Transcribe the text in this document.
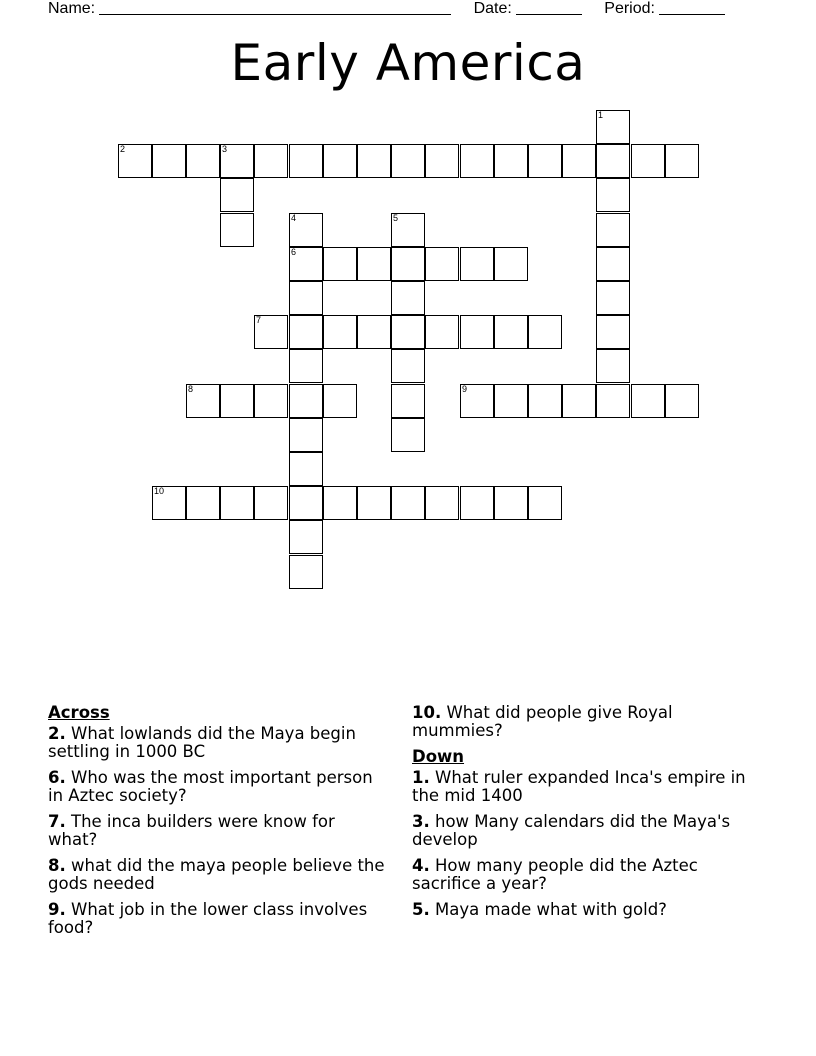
Name:	Date:	Period:
Early America
1
2	3
4
6
5
7
8	9
10
Across
2. What lowlands did the Maya begin settling in 1000 BC
6. Who was the most important person in Aztec society?
7. The inca builders were know for what?
8. what did the maya people believe the gods needed
9. What job in the lower class involves food?
10. What did people give Royal mummies?
Down
1. What ruler expanded Inca's empire in the mid 1400
3. how Many calendars did the Maya's develop
4. How many people did the Aztec sacrifice a year?
5. Maya made what with gold?
